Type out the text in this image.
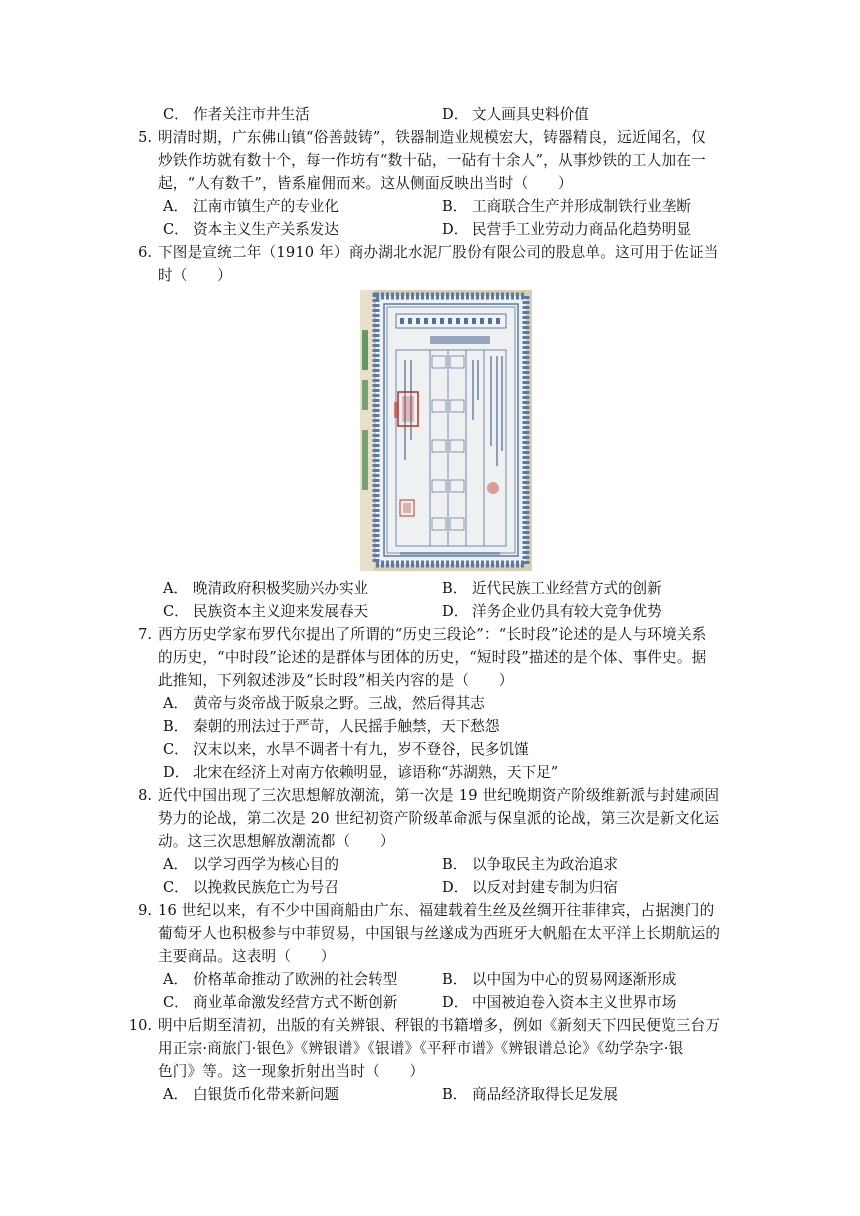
C． 作者关注市井生活	D． 文人画具史料价值
5. 明清时期，广东佛山镇“俗善鼓铸”，铁器制造业规模宏大，铸器精良，远近闻名，仅
炒铁作坊就有数十个，每一作坊有“数十砧，一砧有十余人”，从事炒铁的工人加在一
起，“人有数千”，皆系雇佣而来。这从侧面反映出当时（　　）
A． 江南市镇生产的专业化	B． 工商联合生产并形成制铁行业垄断
C． 资本主义生产关系发达	D． 民营手工业劳动力商品化趋势明显
6. 下图是宣统二年（1910 年）商办湖北水泥厂股份有限公司的股息单。这可用于佐证当
时（　　）
A． 晚清政府积极奖励兴办实业	B． 近代民族工业经营方式的创新
C． 民族资本主义迎来发展春天	D． 洋务企业仍具有较大竞争优势
7. 西方历史学家布罗代尔提出了所谓的“历史三段论”：“长时段”论述的是人与环境关系
的历史，“中时段”论述的是群体与团体的历史，“短时段”描述的是个体、事件史。据
此推知，下列叙述涉及“长时段”相关内容的是（　　）
A． 黄帝与炎帝战于阪泉之野。三战，然后得其志
B． 秦朝的刑法过于严苛，人民摇手触禁，天下愁怨
C． 汉末以来，水旱不调者十有九，岁不登谷，民多饥馑
D． 北宋在经济上对南方依赖明显，谚语称“苏湖熟，天下足”
8. 近代中国出现了三次思想解放潮流，第一次是 19 世纪晚期资产阶级维新派与封建顽固
势力的论战，第二次是 20 世纪初资产阶级革命派与保皇派的论战，第三次是新文化运
动。这三次思想解放潮流都（　　）
A． 以学习西学为核心目的	B． 以争取民主为政治追求
C． 以挽救民族危亡为号召	D． 以反对封建专制为归宿
9. 16 世纪以来，有不少中国商船由广东、福建载着生丝及丝绸开往菲律宾，占据澳门的
葡萄牙人也积极参与中菲贸易，中国银与丝遂成为西班牙大帆船在太平洋上长期航运的
主要商品。这表明（　　）
A． 价格革命推动了欧洲的社会转型	B． 以中国为中心的贸易网逐渐形成
C． 商业革命激发经营方式不断创新	D． 中国被迫卷入资本主义世界市场
10. 明中后期至清初，出版的有关辨银、秤银的书籍增多，例如《新刻天下四民便览三台万
用正宗·商旅门·银色》《辨银谱》《银谱》《平秤市谱》《辨银谱总论》《幼学杂字·银
色门》等。这一现象折射出当时（　　）
A． 白银货币化带来新问题	B． 商品经济取得长足发展
